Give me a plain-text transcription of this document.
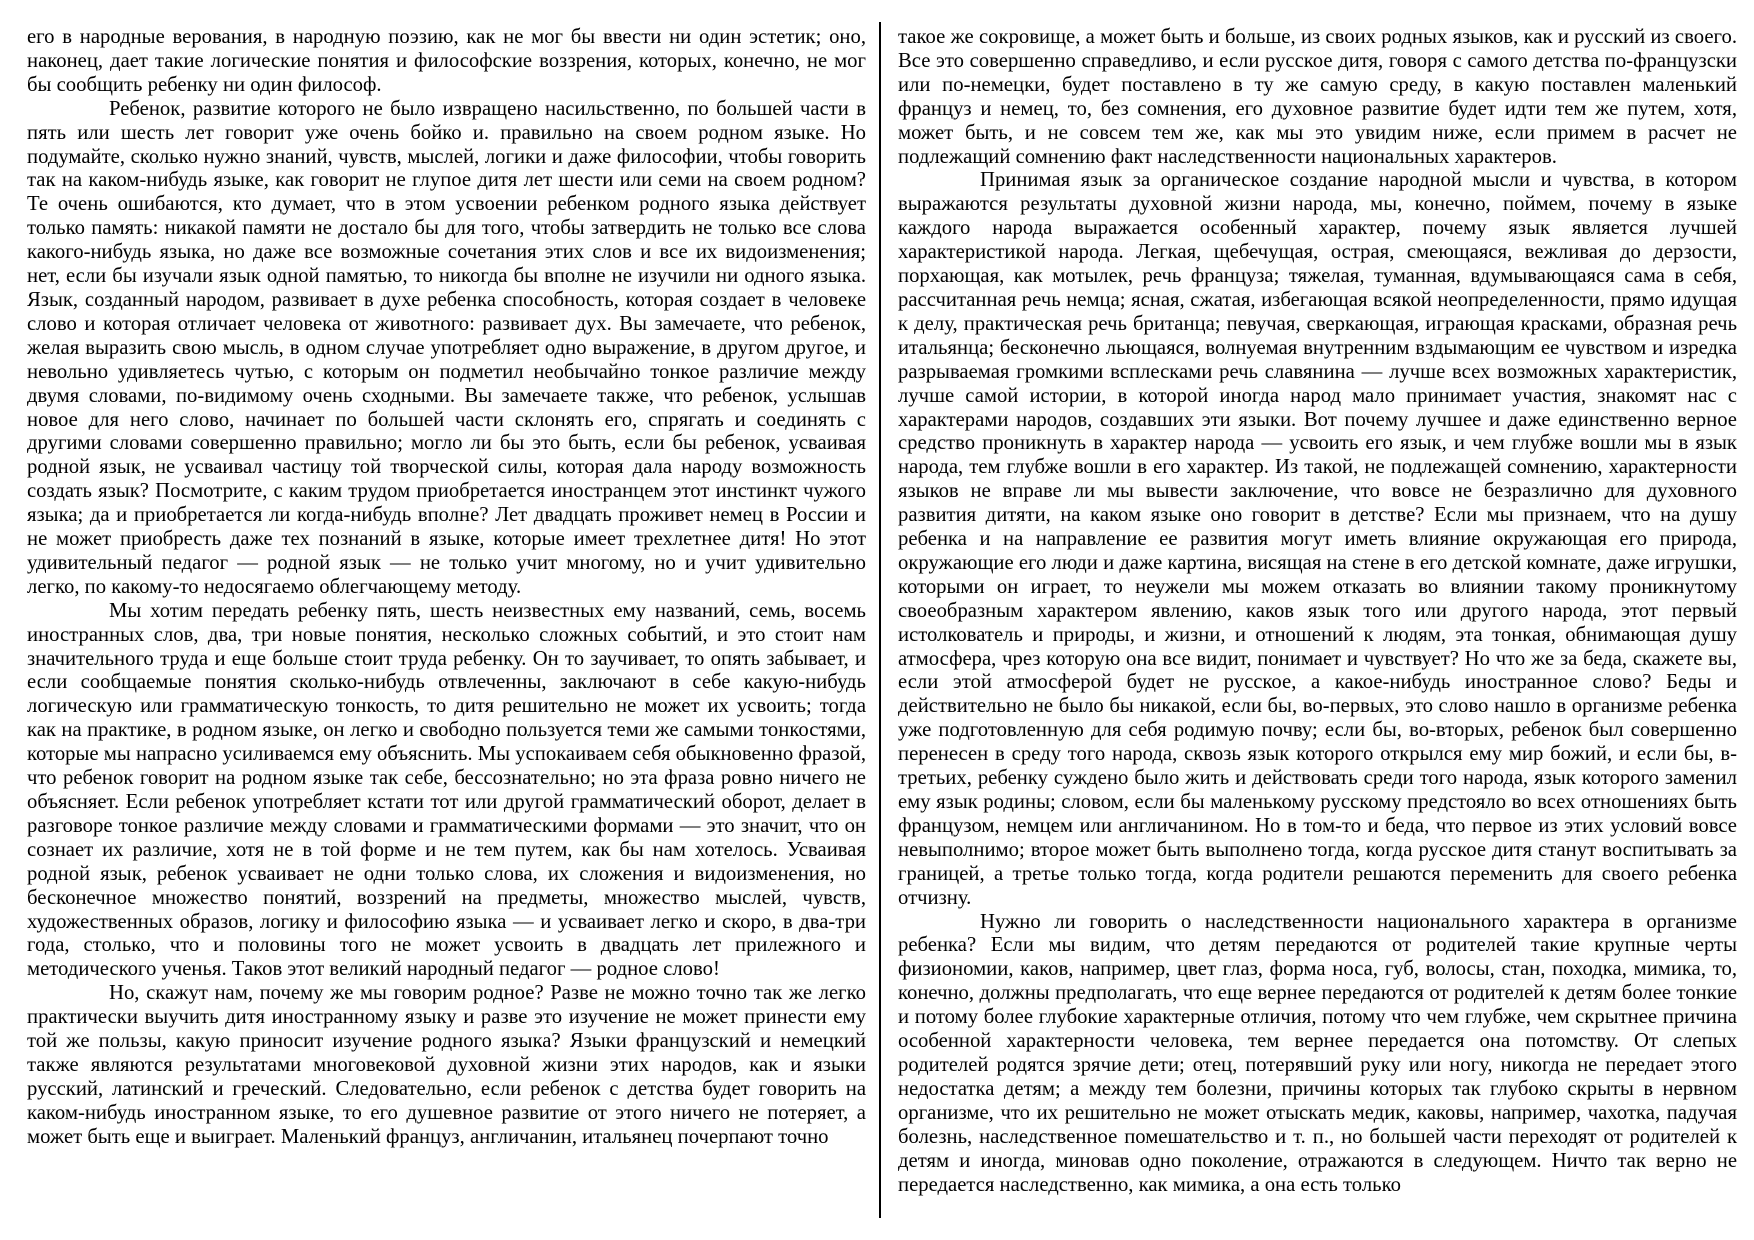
его в народные верования, в народную поэзию, как не мог бы ввести ни один эстетик; оно, наконец, дает такие логические понятия и философские воззрения, которых, конечно, не мог бы сообщить ребенку ни один философ.

Ребенок, развитие которого не было извращено насильственно, по большей части в пять или шесть лет говорит уже очень бойко и. правильно на своем родном языке. Но подумайте, сколько нужно знаний, чувств, мыслей, логики и даже философии, чтобы говорить так на каком-нибудь языке, как говорит не глупое дитя лет шести или семи на своем родном? Те очень ошибаются, кто думает, что в этом усвоении ребенком родного языка действует только память: никакой памяти не достало бы для того, чтобы затвердить не только все слова какого-нибудь языка, но даже все возможные сочетания этих слов и все их видоизменения; нет, если бы изучали язык одной памятью, то никогда бы вполне не изучили ни одного языка. Язык, созданный народом, развивает в духе ребенка способность, которая создает в человеке слово и которая отличает человека от животного: развивает дух. Вы замечаете, что ребенок, желая выразить свою мысль, в одном случае употребляет одно выражение, в другом другое, и невольно удивляетесь чутью, с которым он подметил необычайно тонкое различие между двумя словами, по-видимому очень сходными. Вы замечаете также, что ребенок, услышав новое для него слово, начинает по большей части склонять его, спрягать и соединять с другими словами совершенно правильно; могло ли бы это быть, если бы ребенок, усваивая родной язык, не усваивал частицу той творческой силы, которая дала народу возможность создать язык? Посмотрите, с каким трудом приобретается иностранцем этот инстинкт чужого языка; да и приобретается ли когда-нибудь вполне? Лет двадцать проживет немец в России и не может приобресть даже тех познаний в языке, которые имеет трехлетнее дитя! Но этот удивительный педагог — родной язык — не только учит многому, но и учит удивительно легко, по какому-то недосягаемо облегчающему методу.

Мы хотим передать ребенку пять, шесть неизвестных ему названий, семь, восемь иностранных слов, два, три новые понятия, несколько сложных событий, и это стоит нам значительного труда и еще больше стоит труда ребенку. Он то заучивает, то опять забывает, и если сообщаемые понятия сколько-нибудь отвлеченны, заключают в себе какую-нибудь логическую или грамматическую тонкость, то дитя решительно не может их усвоить; тогда как на практике, в родном языке, он легко и свободно пользуется теми же самыми тонкостями, которые мы напрасно усиливаемся ему объяснить. Мы успокаиваем себя обыкновенно фразой, что ребенок говорит на родном языке так себе, бессознательно; но эта фраза ровно ничего не объясняет. Если ребенок употребляет кстати тот или другой грамматический оборот, делает в разговоре тонкое различие между словами и грамматическими формами — это значит, что он сознает их различие, хотя не в той форме и не тем путем, как бы нам хотелось. Усваивая родной язык, ребенок усваивает не одни только слова, их сложения и видоизменения, но бесконечное множество понятий, воззрений на предметы, множество мыслей, чувств, художественных образов, логику и философию языка — и усваивает легко и скоро, в два-три года, столько, что и половины того не может усвоить в двадцать лет прилежного и методического ученья. Таков этот великий народный педагог — родное слово!

Но, скажут нам, почему же мы говорим родное? Разве не можно точно так же легко практически выучить дитя иностранному языку и разве это изучение не может принести ему той же пользы, какую приносит изучение родного языка? Языки французский и немецкий также являются результатами многовековой духовной жизни этих народов, как и языки русский, латинский и греческий. Следовательно, если ребенок с детства будет говорить на каком-нибудь иностранном языке, то его душевное развитие от этого ничего не потеряет, а может быть еще и выиграет. Маленький француз, англичанин, итальянец почерпают точно

такое же сокровище, а может быть и больше, из своих родных языков, как и русский из своего. Все это совершенно справедливо, и если русское дитя, говоря с самого детства по-французски или по-немецки, будет поставлено в ту же самую среду, в какую поставлен маленький француз и немец, то, без сомнения, его духовное развитие будет идти тем же путем, хотя, может быть, и не совсем тем же, как мы это увидим ниже, если примем в расчет не подлежащий сомнению факт наследственности национальных характеров.

Принимая язык за органическое создание народной мысли и чувства, в котором выражаются результаты духовной жизни народа, мы, конечно, поймем, почему в языке каждого народа выражается особенный характер, почему язык является лучшей характеристикой народа. Легкая, щебечущая, острая, смеющаяся, вежливая до дерзости, порхающая, как мотылек, речь француза; тяжелая, туманная, вдумывающаяся сама в себя, рассчитанная речь немца; ясная, сжатая, избегающая всякой неопределенности, прямо идущая к делу, практическая речь британца; певучая, сверкающая, играющая красками, образная речь итальянца; бесконечно льющаяся, волнуемая внутренним вздымающим ее чувством и изредка разрываемая громкими всплесками речь славянина — лучше всех возможных характеристик, лучше самой истории, в которой иногда народ мало принимает участия, знакомят нас с характерами народов, создавших эти языки. Вот почему лучшее и даже единственно верное средство проникнуть в характер народа — усвоить его язык, и чем глубже вошли мы в язык народа, тем глубже вошли в его характер. Из такой, не подлежащей сомнению, характерности языков не вправе ли мы вывести заключение, что вовсе не безразлично для духовного развития дитяти, на каком языке оно говорит в детстве? Если мы признаем, что на душу ребенка и на направление ее развития могут иметь влияние окружающая его природа, окружающие его люди и даже картина, висящая на стене в его детской комнате, даже игрушки, которыми он играет, то неужели мы можем отказать во влиянии такому проникнутому своеобразным характером явлению, каков язык того или другого народа, этот первый истолкователь и природы, и жизни, и отношений к людям, эта тонкая, обнимающая душу атмосфера, чрез которую она все видит, понимает и чувствует? Но что же за беда, скажете вы, если этой атмосферой будет не русское, а какое-нибудь иностранное слово? Беды и действительно не было бы никакой, если бы, во-первых, это слово нашло в организме ребенка уже подготовленную для себя родимую почву; если бы, во-вторых, ребенок был совершенно перенесен в среду того народа, сквозь язык которого открылся ему мир божий, и если бы, в-третьих, ребенку суждено было жить и действовать среди того народа, язык которого заменил ему язык родины; словом, если бы маленькому русскому предстояло во всех отношениях быть французом, немцем или англичанином. Но в том-то и беда, что первое из этих условий вовсе невыполнимо; второе может быть выполнено тогда, когда русское дитя станут воспитывать за границей, а третье только тогда, когда родители решаются переменить для своего ребенка отчизну.

Нужно ли говорить о наследственности национального характера в организме ребенка? Если мы видим, что детям передаются от родителей такие крупные черты физиономии, каков, например, цвет глаз, форма носа, губ, волосы, стан, походка, мимика, то, конечно, должны предполагать, что еще вернее передаются от родителей к детям более тонкие и потому более глубокие характерные отличия, потому что чем глубже, чем скрытнее причина особенной характерности человека, тем вернее передается она потомству. От слепых родителей родятся зрячие дети; отец, потерявший руку или ногу, никогда не передает этого недостатка детям; а между тем болезни, причины которых так глубоко скрыты в нервном организме, что их решительно не может отыскать медик, каковы, например, чахотка, падучая болезнь, наследственное помешательство и т. п., но большей части переходят от родителей к детям и иногда, миновав одно поколение, отражаются в следующем. Ничто так верно не передается наследственно, как мимика, а она есть только
